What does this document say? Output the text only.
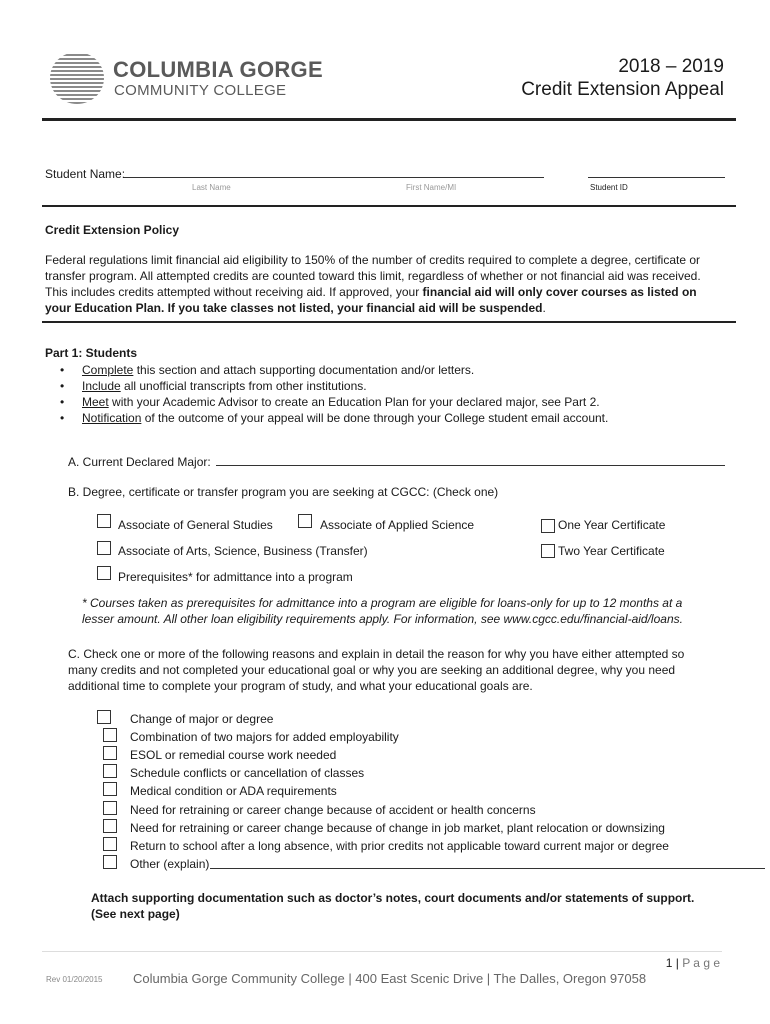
COLUMBIA GORGE
COMMUNITY COLLEGE
2018 – 2019
Credit Extension Appeal
Student Name:
Last Name	First Name/MI	Student ID
Credit Extension Policy
Federal regulations limit financial aid eligibility to 150% of the number of credits required to complete a degree, certificate or transfer program. All attempted credits are counted toward this limit, regardless of whether or not financial aid was received. This includes credits attempted without receiving aid. If approved, your financial aid will only cover courses as listed on your Education Plan. If you take classes not listed, your financial aid will be suspended.
Part 1: Students
• Complete this section and attach supporting documentation and/or letters.
• Include all unofficial transcripts from other institutions.
• Meet with your Academic Advisor to create an Education Plan for your declared major, see Part 2.
• Notification of the outcome of your appeal will be done through your College student email account.
A. Current Declared Major:
B. Degree, certificate or transfer program you are seeking at CGCC: (Check one)
Associate of General Studies	Associate of Applied Science	One Year Certificate
Associate of Arts, Science, Business (Transfer)	Two Year Certificate
Prerequisites* for admittance into a program
* Courses taken as prerequisites for admittance into a program are eligible for loans-only for up to 12 months at a lesser amount. All other loan eligibility requirements apply. For information, see www.cgcc.edu/financial-aid/loans.
C. Check one or more of the following reasons and explain in detail the reason for why you have either attempted so many credits and not completed your educational goal or why you are seeking an additional degree, why you need additional time to complete your program of study, and what your educational goals are.
Change of major or degree
Combination of two majors for added employability
ESOL or remedial course work needed
Schedule conflicts or cancellation of classes
Medical condition or ADA requirements
Need for retraining or career change because of accident or health concerns
Need for retraining or career change because of change in job market, plant relocation or downsizing
Return to school after a long absence, with prior credits not applicable toward current major or degree
Other (explain)
Attach supporting documentation such as doctor’s notes, court documents and/or statements of support. (See next page)
1 | P a g e
Rev 01/20/2015 Columbia Gorge Community College | 400 East Scenic Drive | The Dalles, Oregon 97058
